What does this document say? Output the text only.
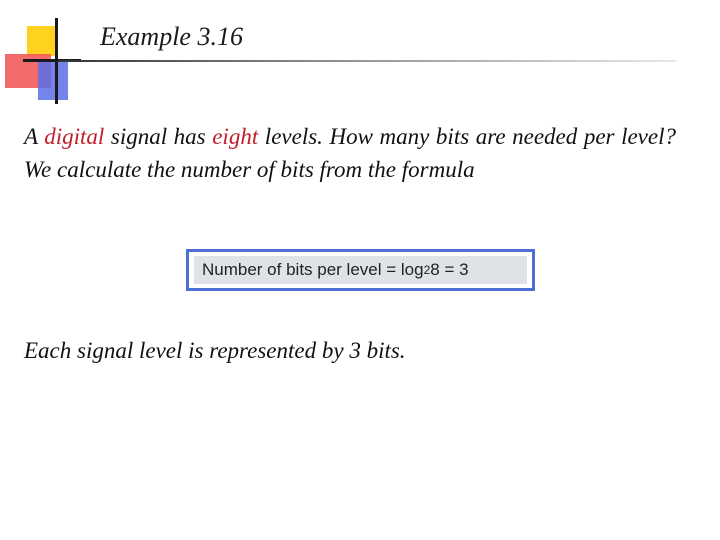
Example 3.16

A digital signal has eight levels. How many bits are needed per level? We calculate the number of bits from the formula

Number of bits per level = log 2 8 = 3

Each signal level is represented by 3 bits.
